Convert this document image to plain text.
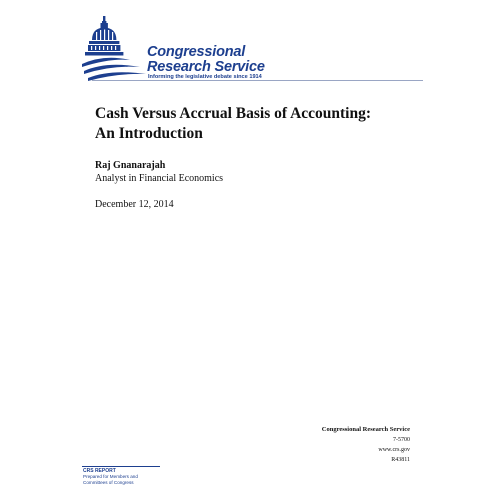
Congressional
Research Service
Informing the legislative debate since 1914
Cash Versus Accrual Basis of Accounting:
An Introduction
Raj Gnanarajah
Analyst in Financial Economics
December 12, 2014
Congressional Research Service
7-5700
www.crs.gov
R43811
CRS REPORT
Prepared for Members and
Committees of Congress
